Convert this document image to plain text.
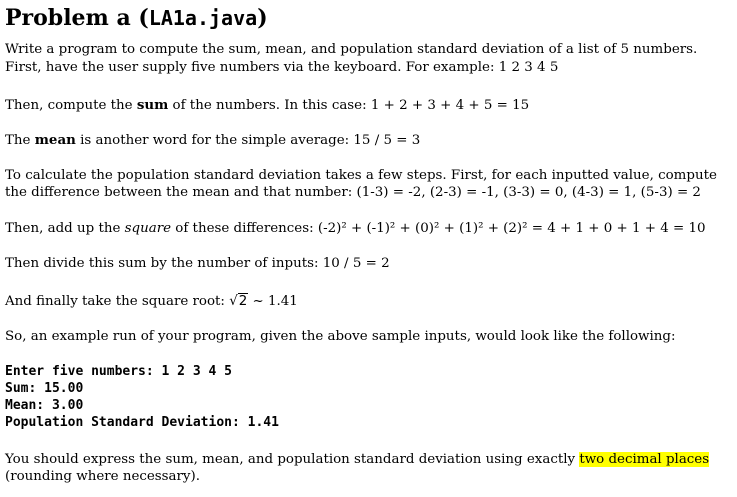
Problem a (LA1a.java)

Write a program to compute the sum, mean, and population standard deviation of a list of 5 numbers.

First, have the user supply five numbers via the keyboard. For example: 1 2 3 4 5

Then, compute the sum of the numbers. In this case: 1 + 2 + 3 + 4 + 5 = 15

The mean is another word for the simple average: 15 / 5 = 3

To calculate the population standard deviation takes a few steps. First, for each inputted value, compute

the difference between the mean and that number: (1-3) = -2, (2-3) = -1, (3-3) = 0, (4-3) = 1, (5-3) = 2

Then, add up the square of these differences: (-2)² + (-1)² + (0)² + (1)² + (2)² = 4 + 1 + 0 + 1 + 4 = 10

Then divide this sum by the number of inputs: 10 / 5 = 2

And finally take the square root: √2 ~ 1.41

So, an example run of your program, given the above sample inputs, would look like the following:

Enter five numbers: 1 2 3 4 5
Sum: 15.00
Mean: 3.00
Population Standard Deviation: 1.41

You should express the sum, mean, and population standard deviation using exactly two decimal places

(rounding where necessary).
